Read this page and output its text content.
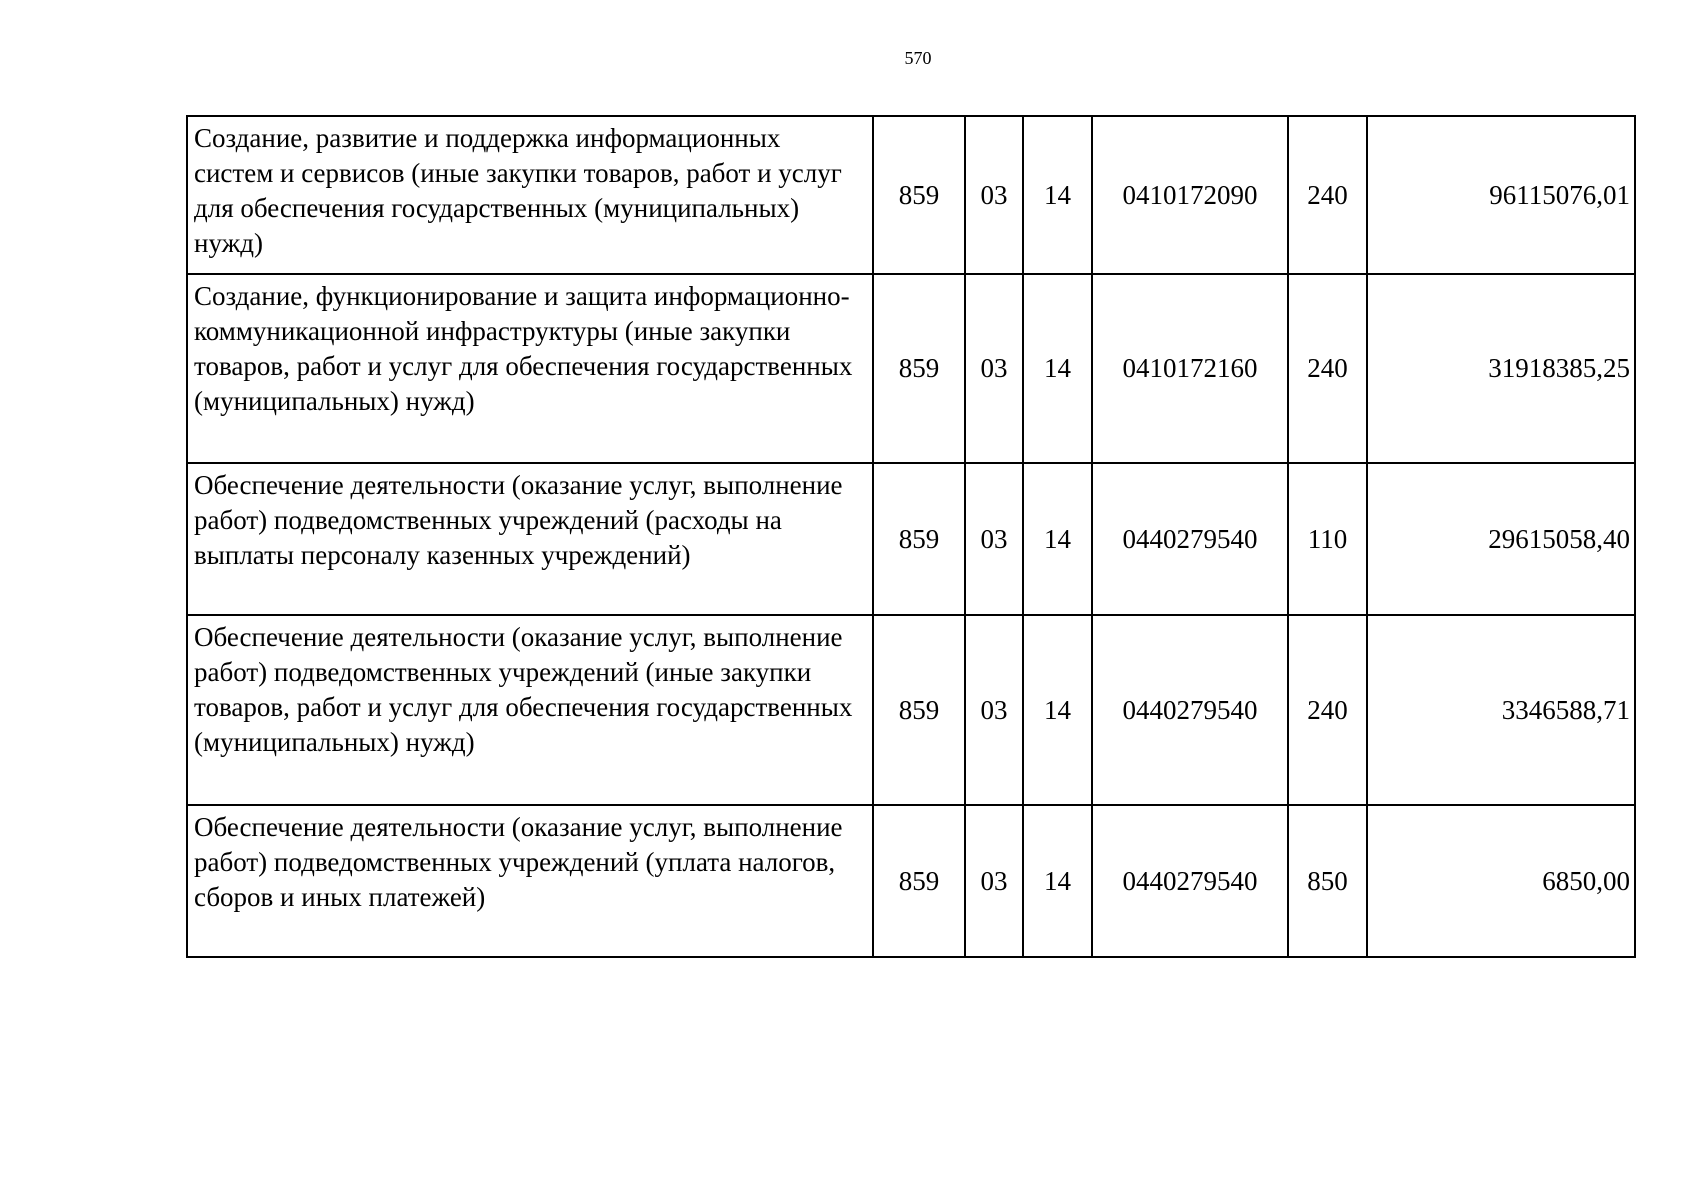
570
Создание, развитие и поддержка информационных систем и сервисов (иные закупки товаров, работ и услуг для обеспечения государственных (муниципальных) нужд)	859	03	14	0410172090	240	96115076,01
Создание, функционирование и защита информационно-коммуникационной инфраструктуры (иные закупки товаров, работ и услуг для обеспечения государственных (муниципальных) нужд)	859	03	14	0410172160	240	31918385,25
Обеспечение деятельности (оказание услуг, выполнение работ) подведомственных учреждений (расходы на выплаты персоналу казенных учреждений)	859	03	14	0440279540	110	29615058,40
Обеспечение деятельности (оказание услуг, выполнение работ) подведомственных учреждений (иные закупки товаров, работ и услуг для обеспечения государственных (муниципальных) нужд)	859	03	14	0440279540	240	3346588,71
Обеспечение деятельности (оказание услуг, выполнение работ) подведомственных учреждений (уплата налогов, сборов и иных платежей)	859	03	14	0440279540	850	6850,00
